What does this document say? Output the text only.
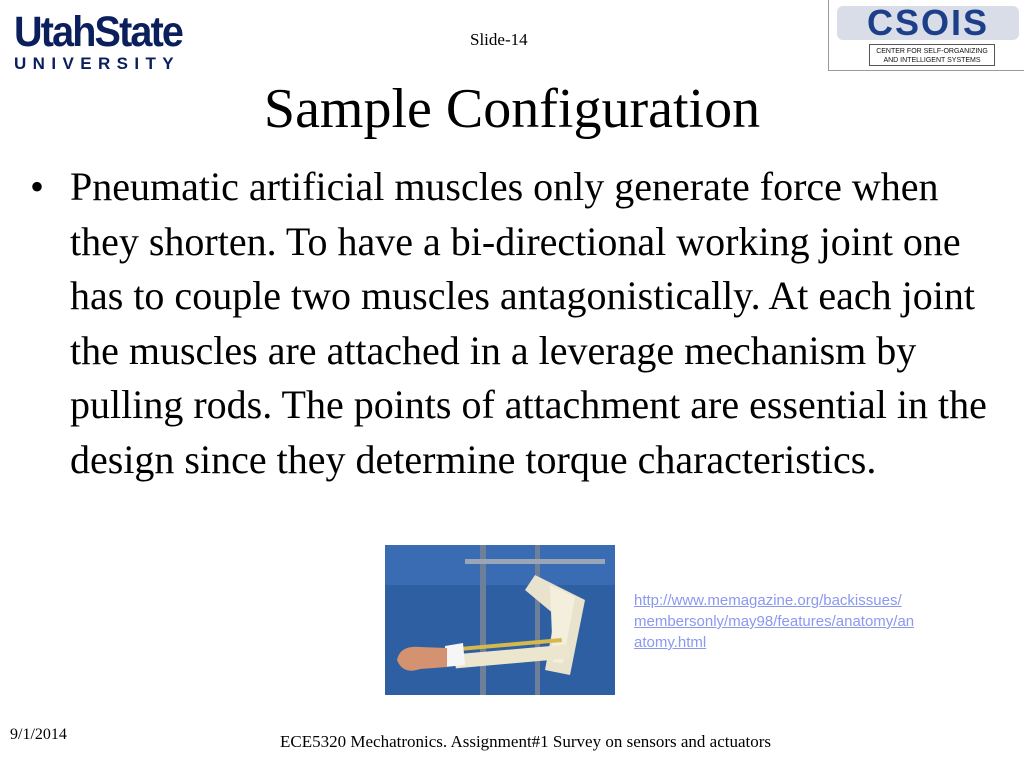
UtahState
UNIVERSITY
Slide-14	CSOIS
CENTER FOR SELF-ORGANIZING
AND INTELLIGENT SYSTEMS
Sample Configuration
• Pneumatic artificial muscles only generate force when they shorten. To have a bi-directional working joint one has to couple two muscles antagonistically. At each joint the muscles are attached in a leverage mechanism by pulling rods. The points of attachment are essential in the design since they determine torque characteristics.
http://www.memagazine.org/backissues/
membersonly/may98/features/anatomy/an
atomy.html
9/1/2014	ECE5320 Mechatronics. Assignment#1 Survey on sensors and actuators
